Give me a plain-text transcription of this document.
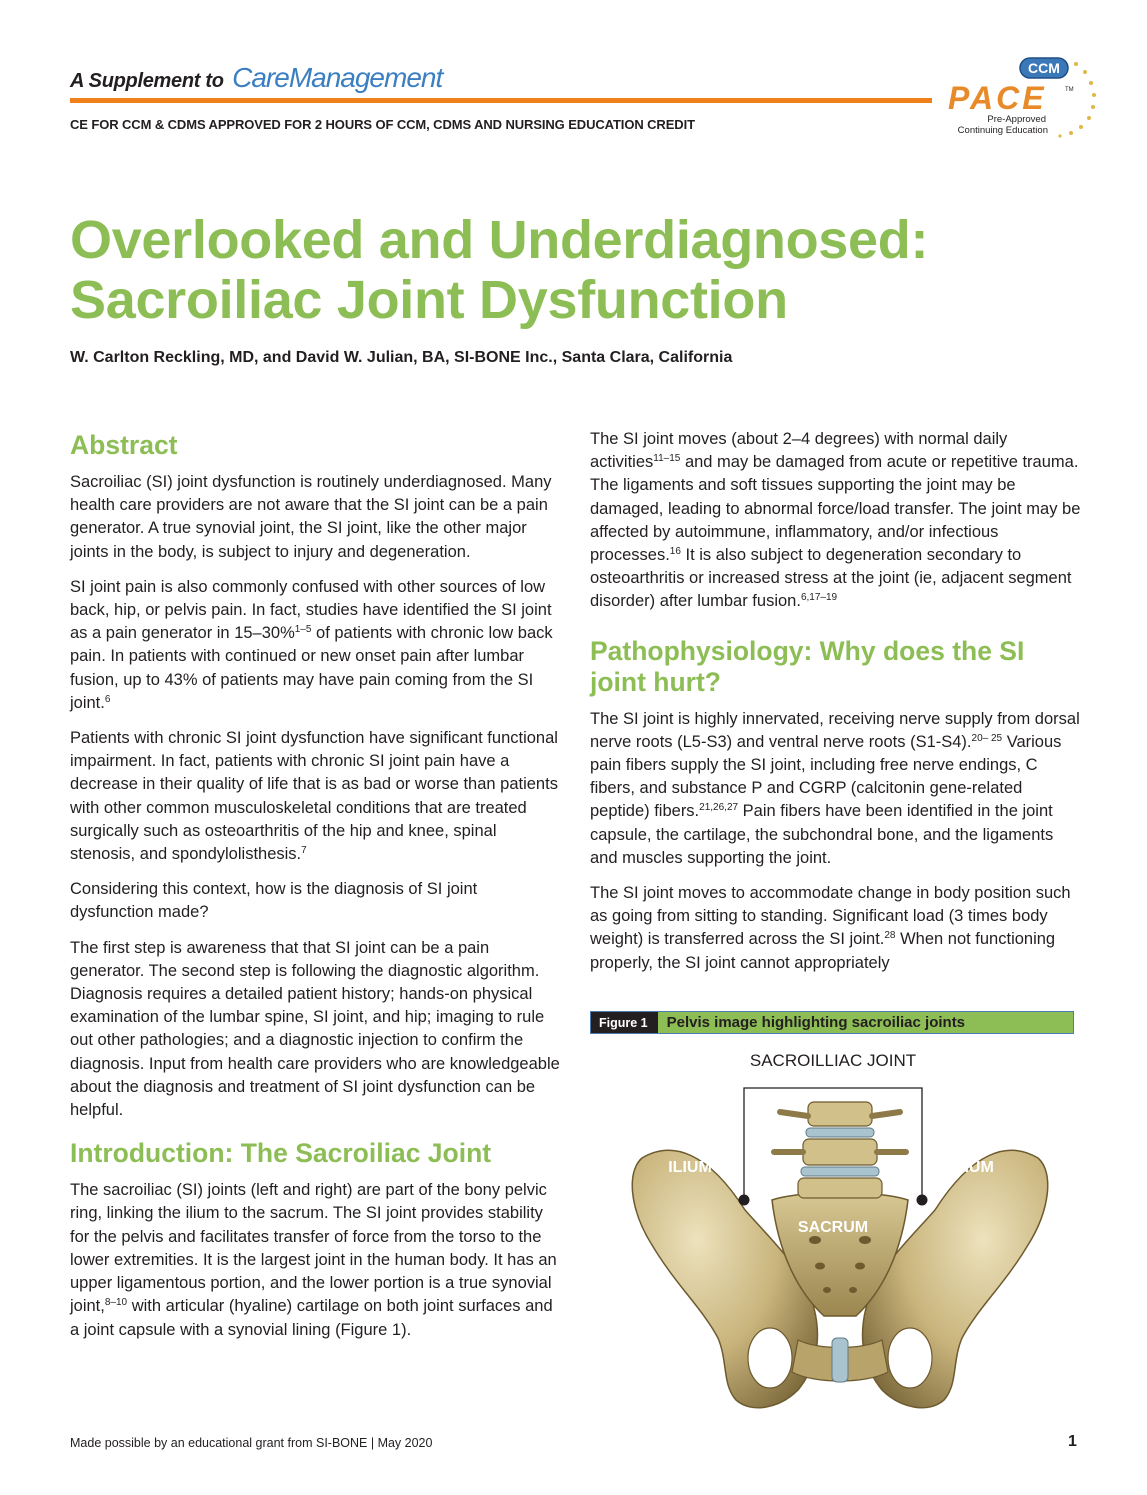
A Supplement to CareManagement
CE FOR CCM & CDMS APPROVED FOR 2 HOURS OF CCM, CDMS AND NURSING EDUCATION CREDIT
CCM
PACE	TM
Pre-Approved
Continuing Education
Overlooked and Underdiagnosed:
Sacroiliac Joint Dysfunction
W. Carlton Reckling, MD, and David W. Julian, BA, SI-BONE Inc., Santa Clara, California
Abstract

Sacroiliac (SI) joint dysfunction is routinely underdiagnosed. Many health care providers are not aware that the SI joint can be a pain generator. A true synovial joint, the SI joint, like the other major joints in the body, is subject to injury and degeneration.

SI joint pain is also commonly confused with other sources of low back, hip, or pelvis pain. In fact, studies have identified the SI joint as a pain generator in 15–30%$^{1-5}$ of patients with chronic low back pain. In patients with continued or new onset pain after lumbar fusion, up to 43% of patients may have pain coming from the SI joint.$^6$

Patients with chronic SI joint dysfunction have significant functional impairment. In fact, patients with chronic SI joint pain have a decrease in their quality of life that is as bad or worse than patients with other common musculoskeletal conditions that are treated surgically such as osteoarthritis of the hip and knee, spinal stenosis, and spondylolisthesis.$^7$

Considering this context, how is the diagnosis of SI joint dysfunction made?

The first step is awareness that that SI joint can be a pain generator. The second step is following the diagnostic algorithm. Diagnosis requires a detailed patient history; hands-on physical examination of the lumbar spine, SI joint, and hip; imaging to rule out other pathologies; and a diagnostic injection to confirm the diagnosis. Input from health care providers who are knowledgeable about the diagnosis and treatment of SI joint dysfunction can be helpful.

Introduction: The Sacroiliac Joint

The sacroiliac (SI) joints (left and right) are part of the bony pelvic ring, linking the ilium to the sacrum. The SI joint provides stability for the pelvis and facilitates transfer of force from the torso to the lower extremities. It is the largest joint in the human body. It has an upper ligamentous portion, and the lower portion is a true synovial joint,$^{8-10}$ with articular (hyaline) cartilage on both joint surfaces and a joint capsule with a synovial lining (Figure 1).

The SI joint moves (about 2–4 degrees) with normal daily activities$^{11-15}$ and may be damaged from acute or repetitive trauma. The ligaments and soft tissues supporting the joint may be damaged, leading to abnormal force/load transfer. The joint may be affected by autoimmune, inflammatory, and/or infectious processes.$^{16}$ It is also subject to degeneration secondary to osteoarthritis or increased stress at the joint (ie, adjacent segment disorder) after lumbar fusion.$^{6,17-19}$

Pathophysiology: Why does the SI joint hurt?

The SI joint is highly innervated, receiving nerve supply from dorsal nerve roots (L5-S3) and ventral nerve roots (S1-S4).$^{20- 25}$ Various pain fibers supply the SI joint, including free nerve endings, C fibers, and substance P and CGRP (calcitonin gene-related peptide) fibers.$^{21,26,27}$ Pain fibers have been identified in the joint capsule, the cartilage, the subchondral bone, and the ligaments and muscles supporting the joint.

The SI joint moves to accommodate change in body position such as going from sitting to standing. Significant load (3 times body weight) is transferred across the SI joint.$^{28}$ When not functioning properly, the SI joint cannot appropriately

Figure 1	Pelvis image highlighting sacroiliac joints
SACROILLIAC JOINT
ILIUM	ILIUM
SACRUM
Made possible by an educational grant from SI-BONE | May 2020	1
